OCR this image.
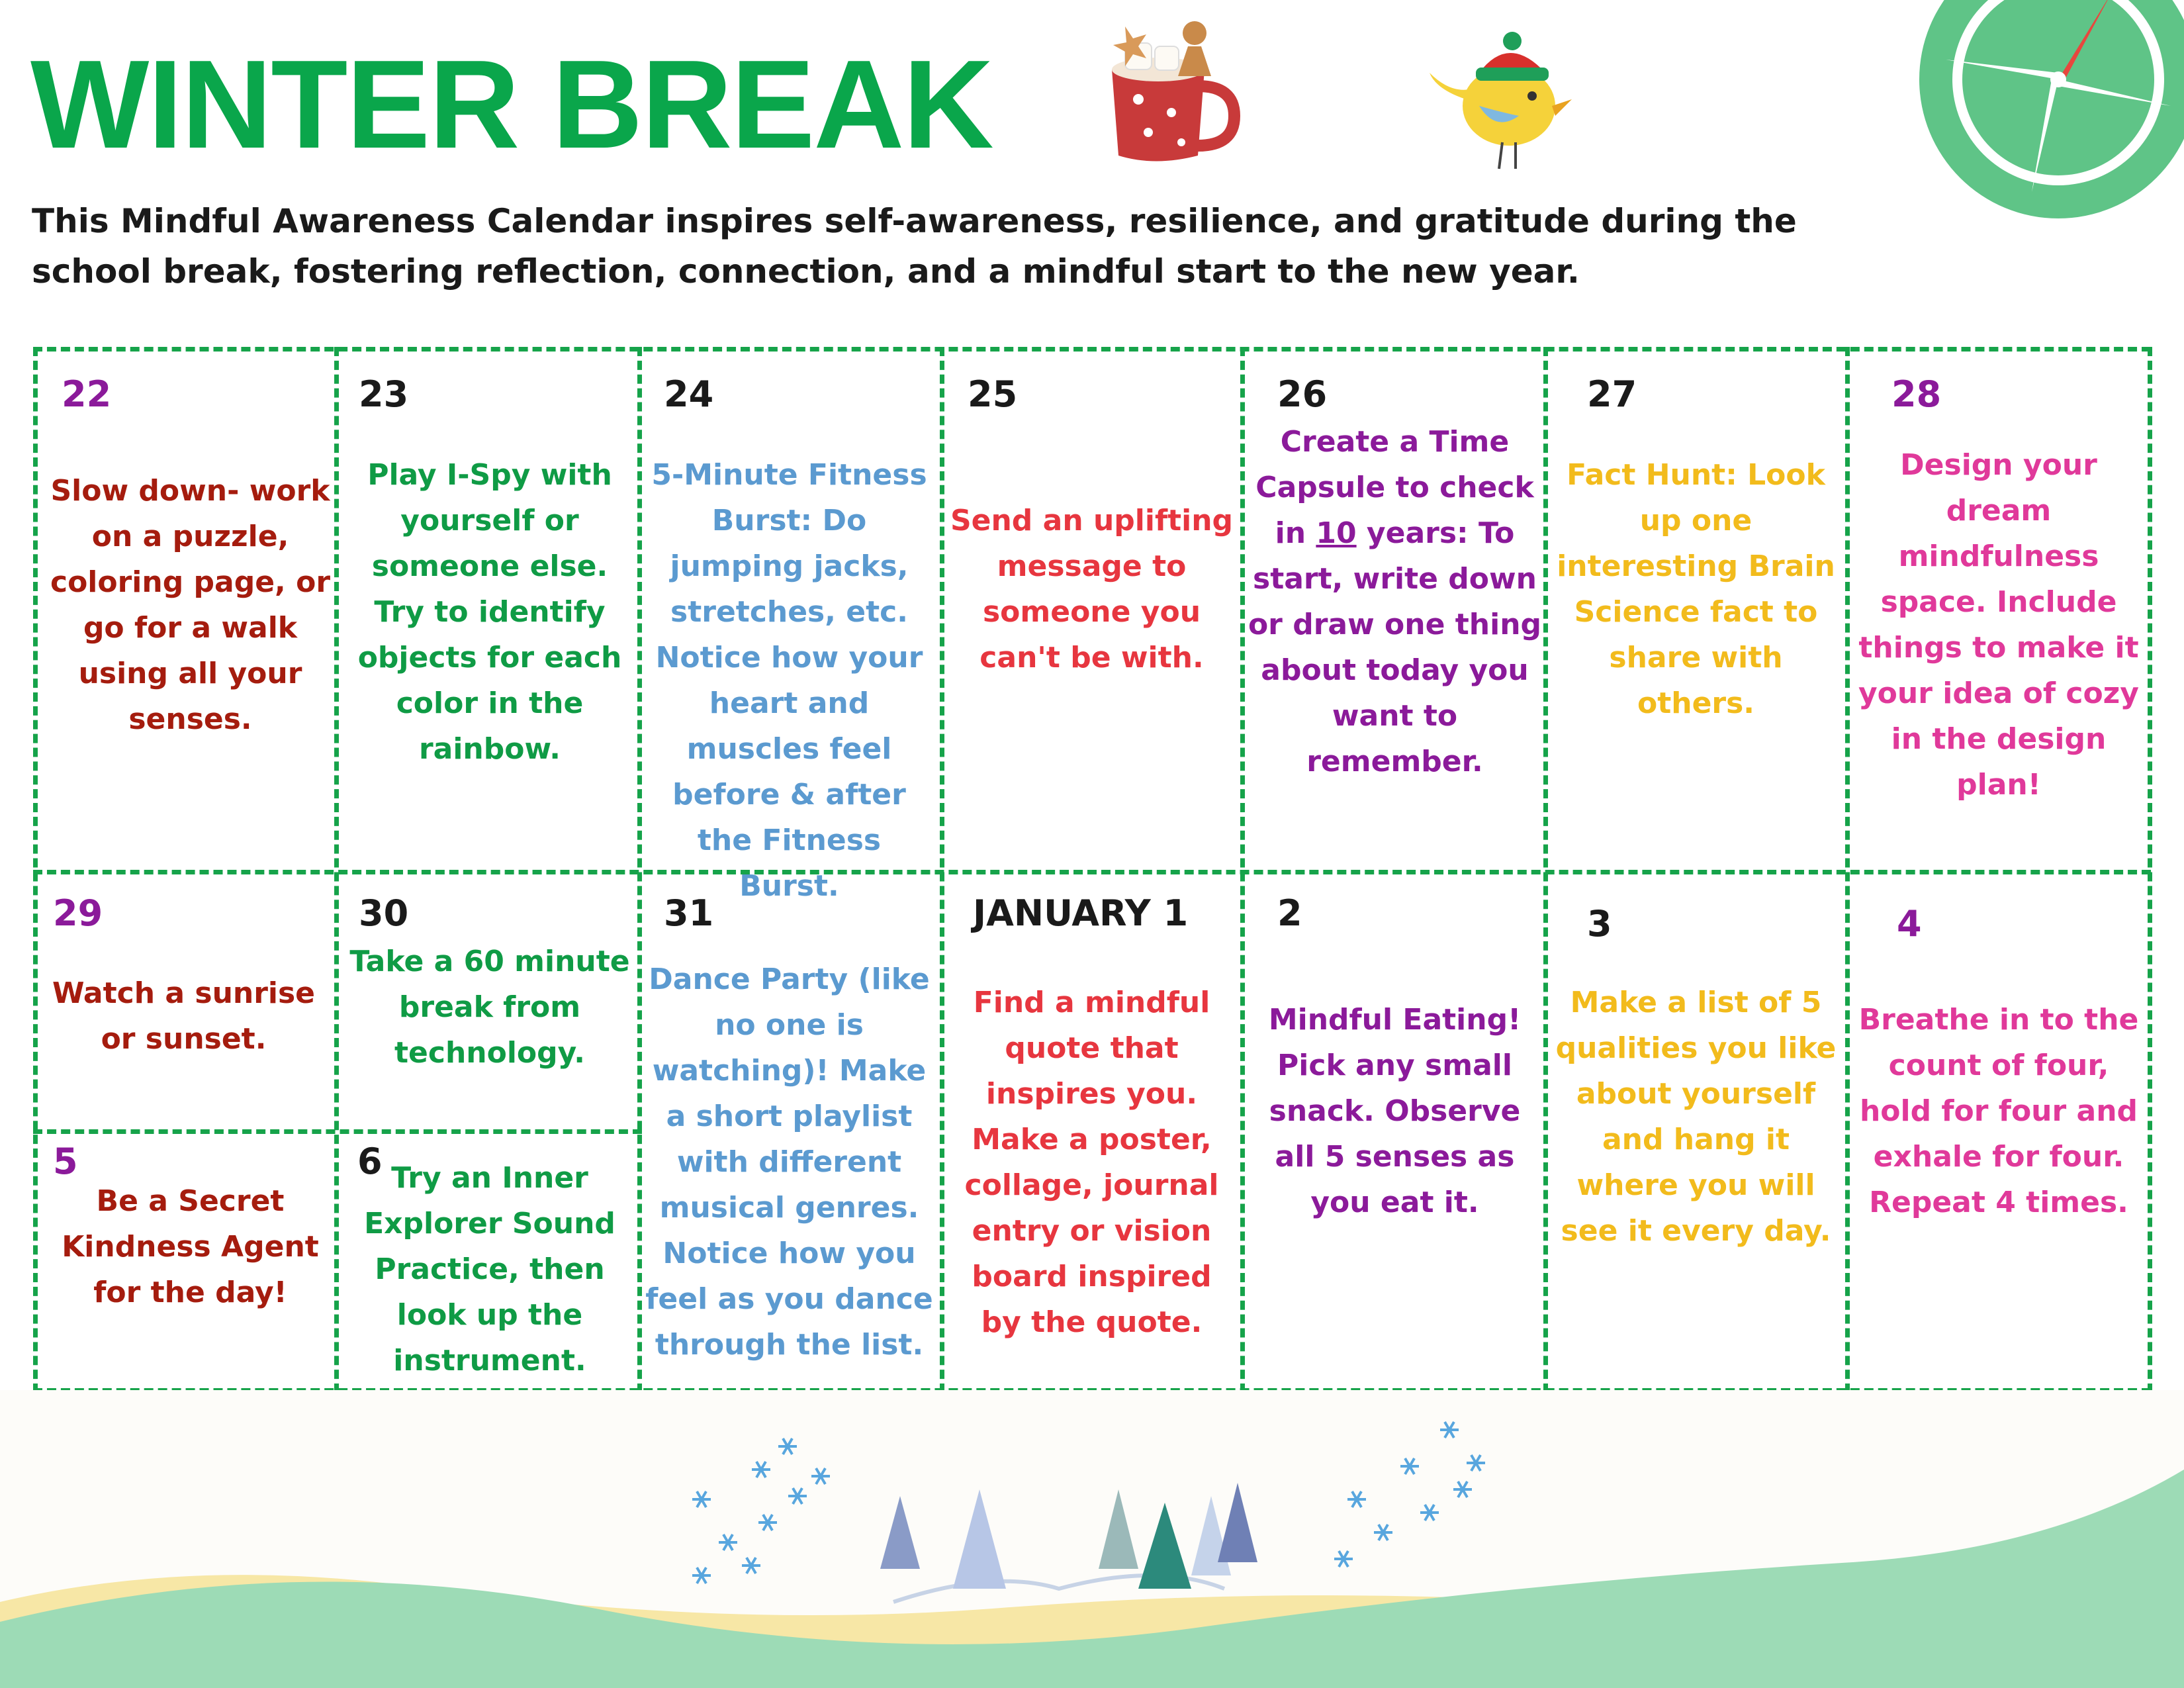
WINTER BREAK

This Mindful Awareness Calendar inspires self-awareness, resilience, and gratitude during the school break, fostering reflection, connection, and a mindful start to the new year.

22

Slow down- work on a puzzle, coloring page, or go for a walk using all your senses.

23

Play I-Spy with yourself or someone else. Try to identify objects for each color in the rainbow.

24

5-Minute Fitness Burst: Do jumping jacks, stretches, etc. Notice how your heart and muscles feel before & after the Fitness Burst.

25

Send an uplifting message to someone you can't be with.

26

Create a Time Capsule to check in 10 years: To start, write down or draw one thing about today you want to remember.

27

Fact Hunt: Look up one interesting Brain Science fact to share with others.

28

Design your dream mindfulness space. Include things to make it your idea of cozy in the design plan!

29

Watch a sunrise or sunset.

30

Take a 60 minute break from technology.

31

Dance Party (like no one is watching)! Make a short playlist with different musical genres. Notice how you feel as you dance through the list.

JANUARY 1

Find a mindful quote that inspires you. Make a poster, collage, journal entry or vision board inspired by the quote.

2

Mindful Eating! Pick any small snack. Observe all 5 senses as you eat it.

3

Make a list of 5 qualities you like about yourself and hang it where you will see it every day.

4

Breathe in to the count of four, hold for four and exhale for four. Repeat 4 times.

5

Be a Secret Kindness Agent for the day!

6 Try an Inner Explorer Sound Practice, then look up the instrument.
